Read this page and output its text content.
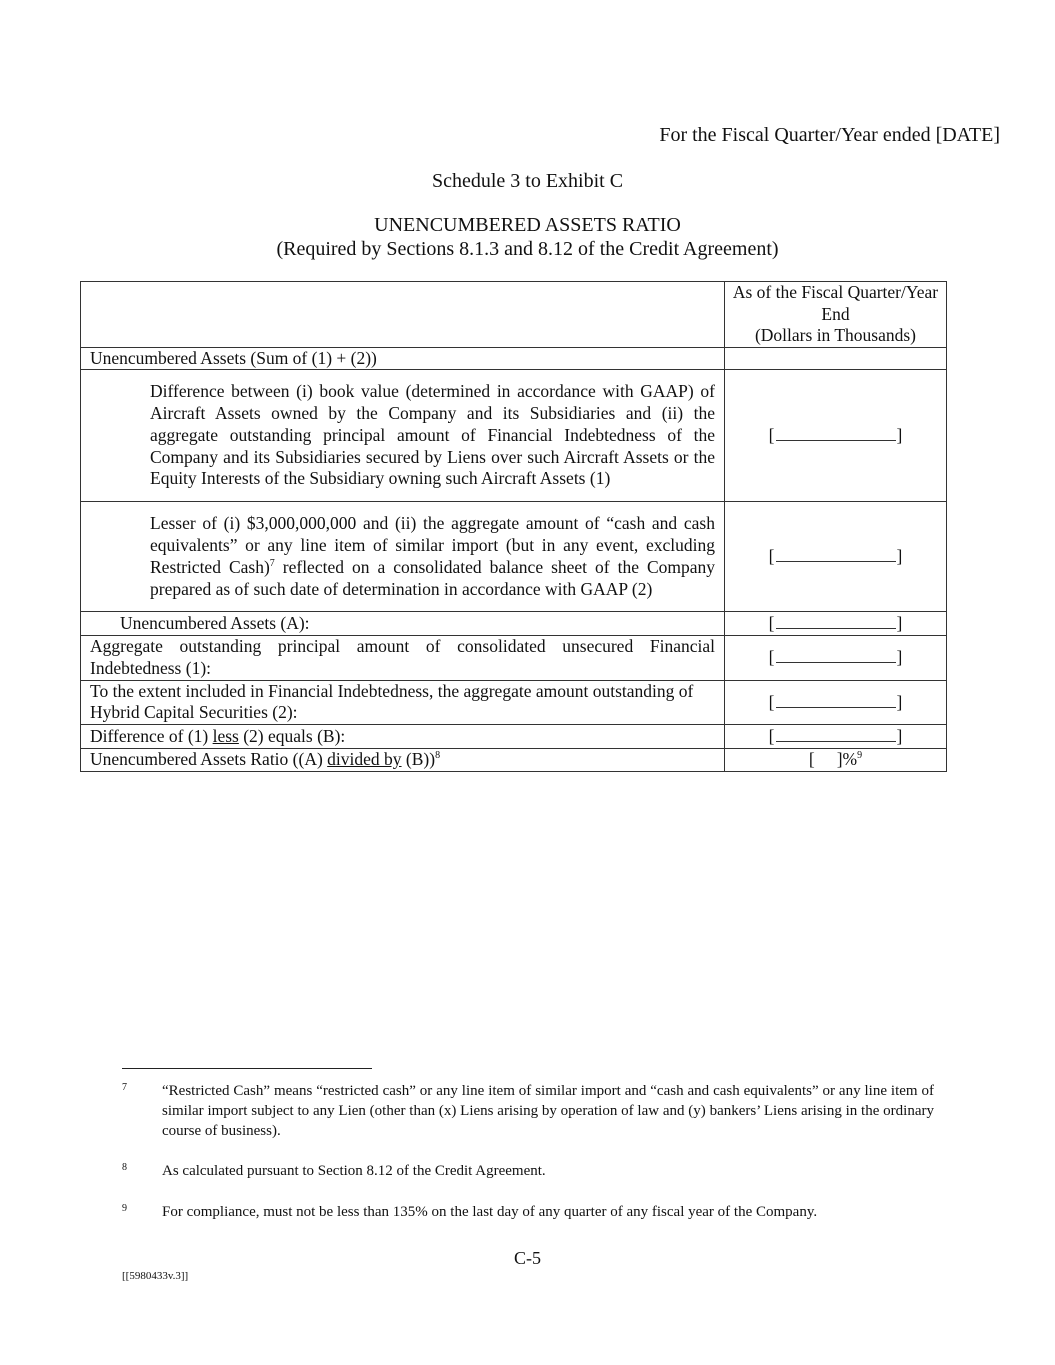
For the Fiscal Quarter/Year ended [DATE]
Schedule 3 to Exhibit C
UNENCUMBERED ASSETS RATIO
(Required by Sections 8.1.3 and 8.12 of the Credit Agreement)

	As of the Fiscal Quarter/Year End
(Dollars in Thousands)

Unencumbered Assets (Sum of (1) + (2))	
Difference between (i) book value (determined in accordance with GAAP) of Aircraft Assets owned by the Company and its Subsidiaries and (ii) the aggregate outstanding principal amount of Financial Indebtedness of the Company and its Subsidiaries secured by Liens over such Aircraft Assets or the Equity Interests of the Subsidiary owning such Aircraft Assets (1)	[ ]
Lesser of (i) $3,000,000,000 and (ii) the aggregate amount of “cash and cash equivalents” or any line item of similar import (but in any event, excluding Restricted Cash)$^7$ reflected on a consolidated balance sheet of the Company prepared as of such date of determination in accordance with GAAP (2)	[ ]
Unencumbered Assets (A):	[ ]
Aggregate outstanding principal amount of consolidated unsecured Financial Indebtedness (1):	[ ]
To the extent included in Financial Indebtedness, the aggregate amount outstanding of Hybrid Capital Securities (2):	[ ]
Difference of (1) less (2) equals (B):	[ ]
Unencumbered Assets Ratio ((A) divided by (B))$^8$	[ ]%$^9$
7 “Restricted Cash” means “restricted cash” or any line item of similar import and “cash and cash equivalents” or any line item of similar import subject to any Lien (other than (x) Liens arising by operation of law and (y) bankers’ Liens arising in the ordinary course of business).
8 As calculated pursuant to Section 8.12 of the Credit Agreement.
9 For compliance, must not be less than 135% on the last day of any quarter of any fiscal year of the Company.
C-5
[[5980433v.3]]
